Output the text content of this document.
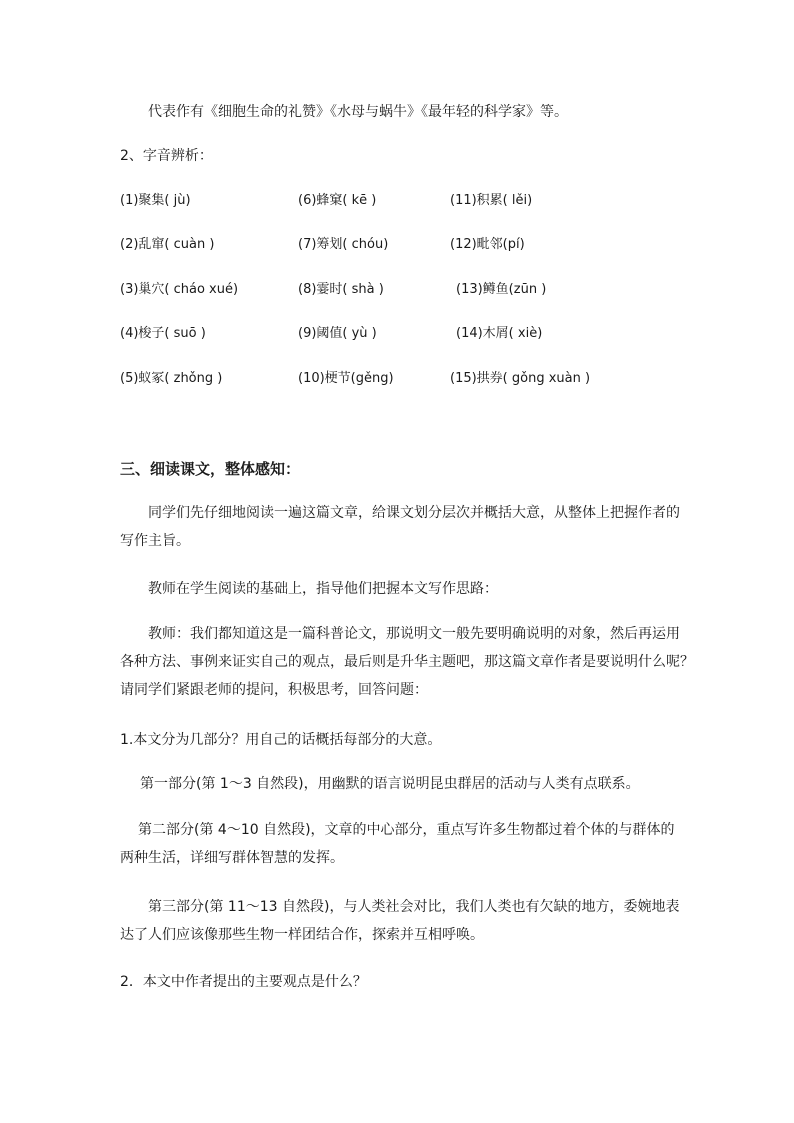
代表作有《细胞生命的礼赞》《水母与蜗牛》《最年轻的科学家》等。
2、字音辨析：
(1)聚集( jù)	(6)蜂窠( kē )	(11)积累( lěi)
(2)乱窜( cuàn )	(7)筹划( chóu)	(12)毗邻(pí)
(3)巢穴( cháo xué)	(8)霎时( shà )	(13)鳟鱼(zūn )
(4)梭子( suō )	(9)阈值( yù )	(14)木屑( xiè)
(5)蚁冢( zhǒng )	(10)梗节(gěng)	(15)拱券( gǒng xuàn )
三、细读课文，整体感知：
同学们先仔细地阅读一遍这篇文章，给课文划分层次并概括大意，从整体上把握作者的
写作主旨。
教师在学生阅读的基础上，指导他们把握本文写作思路：
教师：我们都知道这是一篇科普论文，那说明文一般先要明确说明的对象，然后再运用
各种方法、事例来证实自己的观点，最后则是升华主题吧，那这篇文章作者是要说明什么呢？
请同学们紧跟老师的提问，积极思考，回答问题：
1.本文分为几部分？用自己的话概括每部分的大意。
第一部分(第 1～3 自然段)，用幽默的语言说明昆虫群居的活动与人类有点联系。
第二部分(第 4～10 自然段)，文章的中心部分，重点写许多生物都过着个体的与群体的
两种生活，详细写群体智慧的发挥。
第三部分(第 11～13 自然段)，与人类社会对比，我们人类也有欠缺的地方，委婉地表
达了人们应该像那些生物一样团结合作，探索并互相呼唤。
2．本文中作者提出的主要观点是什么？
